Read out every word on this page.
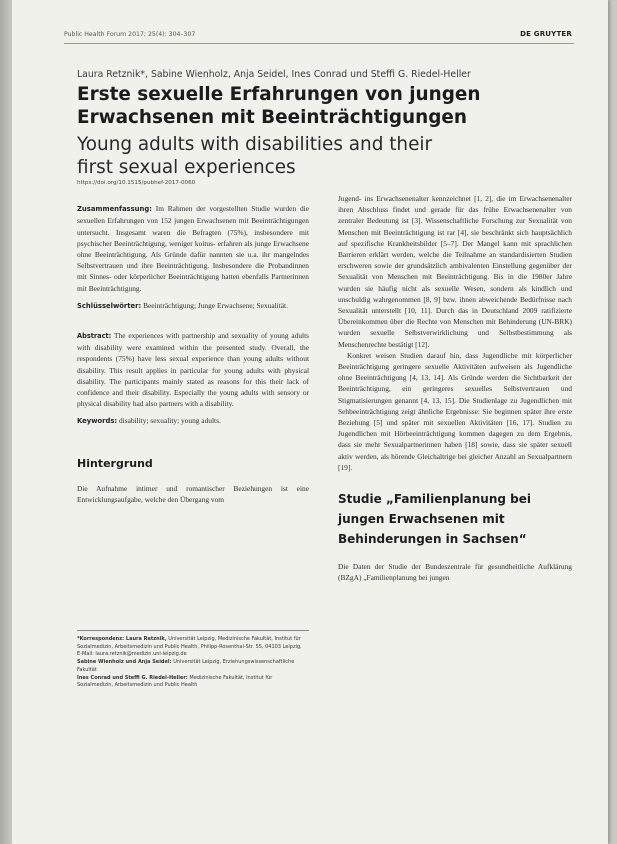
Public Health Forum 2017; 25(4): 304–307	DE GRUYTER
Laura Retznik*, Sabine Wienholz, Anja Seidel, Ines Conrad und Steffi G. Riedel-Heller
Erste sexuelle Erfahrungen von jungen
Erwachsenen mit Beeinträchtigungen
Young adults with disabilities and their
first sexual experiences

https://doi.org/10.1515/pubhef-2017-0060

Zusammenfassung: Im Rahmen der vorgestellten Studie wurden die sexuellen Erfahrungen von 152 jungen Erwachsenen mit Beeinträchtigungen untersucht. Insgesamt waren die Befragten (75%), insbesondere mit psychischer Beeinträchtigung, weniger koitus- erfahren als junge Erwachsene ohne Beeinträchtigung. Als Gründe dafür nannten sie u.a. ihr mangelndes Selbstvertrauen und ihre Beeinträchtigung. Insbesondere die Probandinnen mit Sinnes- oder körperlicher Beeinträchtigung hatten ebenfalls Partnerinnen mit Beeinträchtigung.

Schlüsselwörter: Beeinträchtigung; Junge Erwachsene; Sexualität.

Abstract: The experiences with partnership and sexuality of young adults with disability were examined within the presented study. Overall, the respondents (75%) have less sexual experience than young adults without disability. This result applies in particular for young adults with physical disability. The participants mainly stated as reasons for this their lack of confidence and their disability. Especially the young adults with sensory or physical disability had also partners with a disability.

Keywords: disability; sexuality; young adults.

Hintergrund

Die Aufnahme intimer und romantischer Beziehungen ist eine Entwicklungsaufgabe, welche den Übergang vom

*Korrespondenz: Laura Retznik, Universität Leipzig, Medizinische Fakultät, Institut für Sozialmedizin, Arbeitsmedizin und Public Health, Philipp-Rosenthal-Str. 55, 04103 Leipzig,
E-Mail: laura.retznik@medizin.uni-leipzig.de
Sabine Wienholz und Anja Seidel: Universität Leipzig, Erziehungswissenschaftliche Fakultät
Ines Conrad und Steffi G. Riedel-Heller: Medizinische Fakultät, Institut für Sozialmedizin, Arbeitsmedizin und Public Health

Jugend- ins Erwachsenenalter kennzeichnet [1, 2], die im Erwachsenenalter ihren Abschluss findet und gerade für das frühe Erwachsenenalter von zentraler Bedeutung ist [3]. Wissenschaftliche Forschung zur Sexualität von Menschen mit Beeinträchtigung ist rar [4], sie beschränkt sich hauptsächlich auf spezifische Krankheitsbilder [5–7]. Der Mangel kann mit sprachlichen Barrieren erklärt werden, welche die Teilnahme an standardisierten Studien erschweren sowie der grundsätzlich ambivalenten Einstellung gegenüber der Sexualität von Menschen mit Beeinträchtigung. Bis in die 1980er Jahre wurden sie häufig nicht als sexuelle Wesen, sondern als kindlich und unschuldig wahrgenommen [8, 9] bzw. ihnen abweichende Bedürfnisse nach Sexualität unterstellt [10, 11]. Durch das in Deutschland 2009 ratifizierte Übereinkommen über die Rechte von Menschen mit Behinderung (UN-BRK) wurden sexuelle Selbstverwirklichung und Selbstbestimmung als Menschenrechte bestätigt [12].

Konkret weisen Studien darauf hin, dass Jugendliche mit körperlicher Beeinträchtigung geringere sexuelle Aktivitäten aufweisen als Jugendliche ohne Beeinträchtigung [4, 13, 14]. Als Gründe werden die Sichtbarkeit der Beeinträchtigung, ein geringeres sexuelles Selbstvertrauen und Stigmatisierungen genannt [4, 13, 15]. Die Studienlage zu Jugendlichen mit Sehbeeinträchtigung zeigt ähnliche Ergebnisse: Sie beginnen später ihre erste Beziehung [5] und später mit sexuellen Aktivitäten [16, 17]. Studien zu Jugendlichen mit Hörbeeinträchtigung kommen dagegen zu dem Ergebnis, dass sie mehr Sexualpartnerinnen haben [18] sowie, dass sie später sexuell aktiv werden, als hörende Gleichaltrige bei gleicher Anzahl an Sexualpartnern [19].

Studie „Familienplanung bei jungen Erwachsenen mit Behinderungen in Sachsen“

Die Daten der Studie der Bundeszentrale für gesundheitliche Aufklärung (BZgA) „Familienplanung bei jungen
